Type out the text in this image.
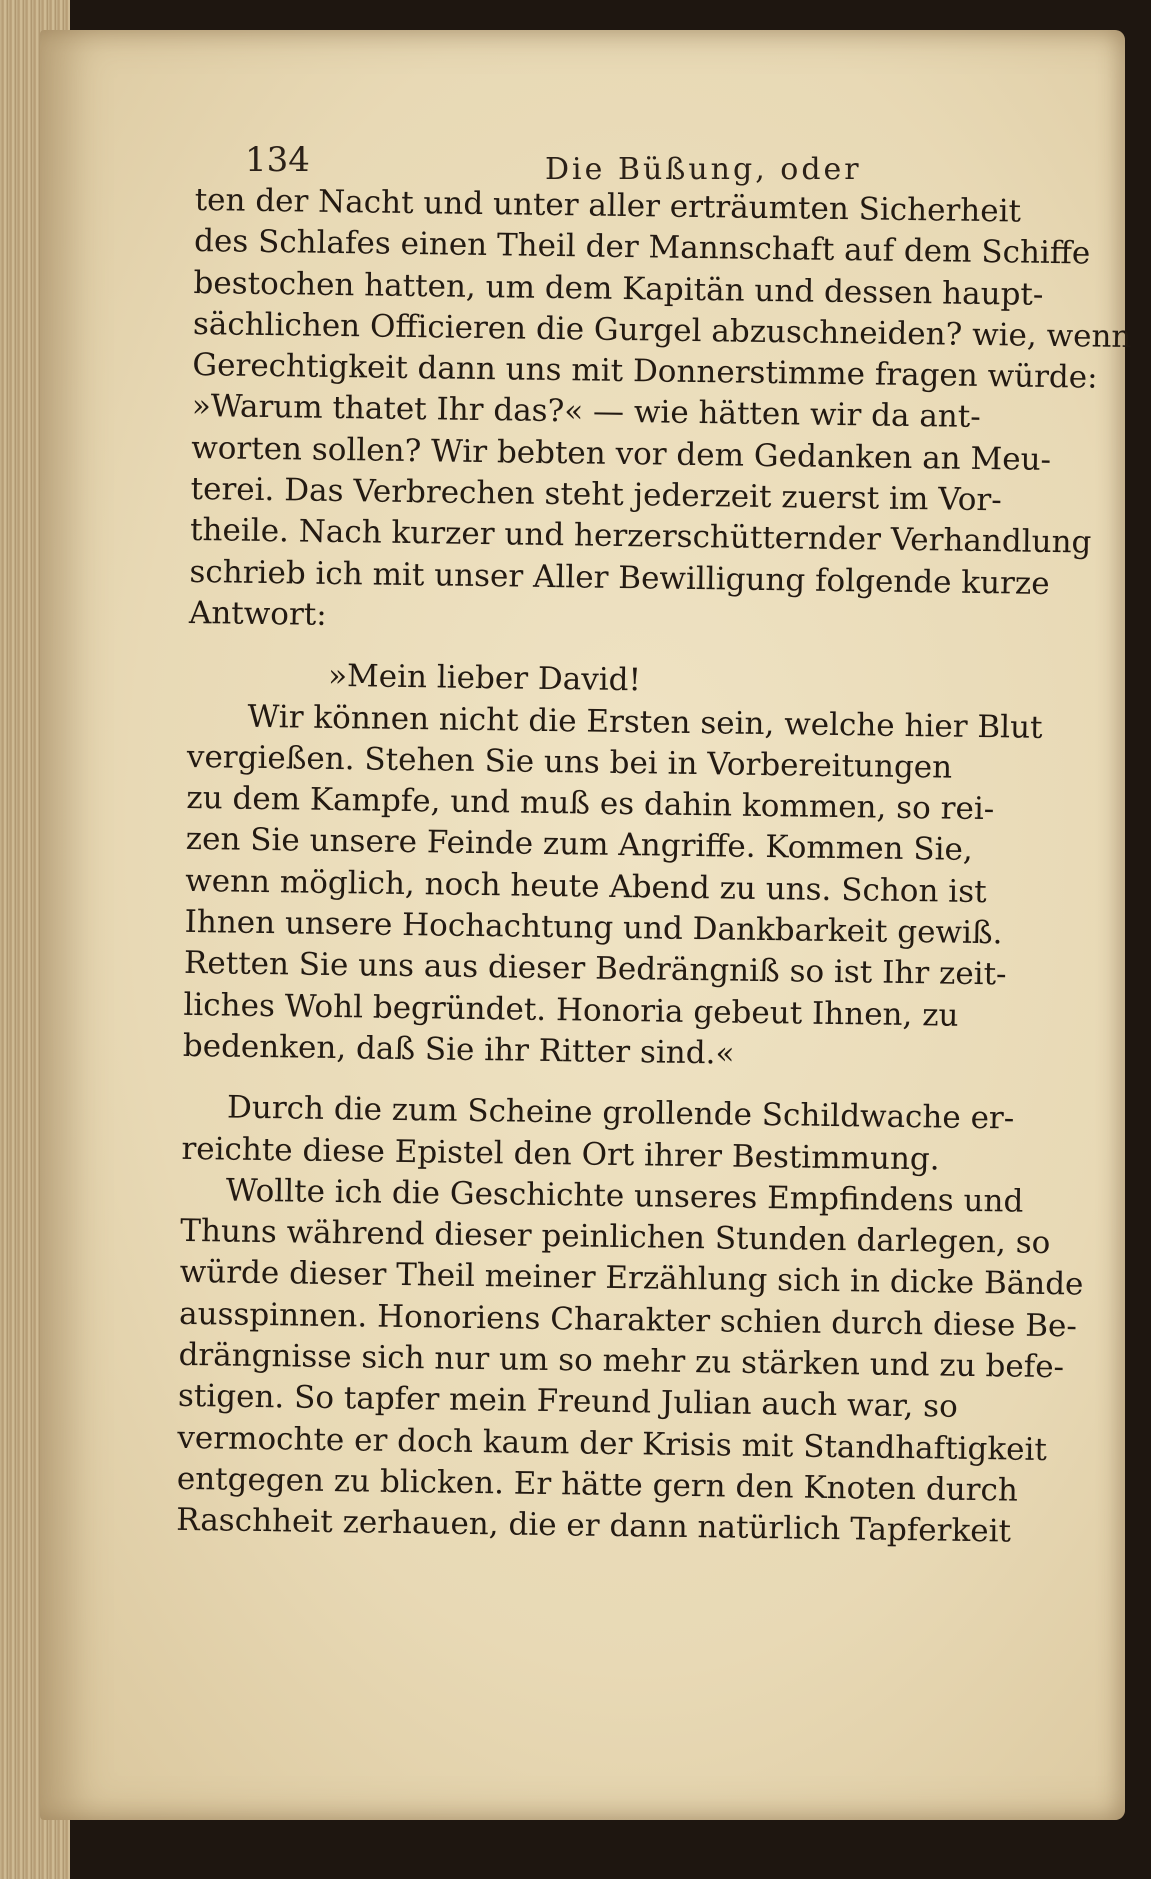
134	Die Büßung, oder
ten der Nacht und unter aller erträumten Sicherheit
des Schlafes einen Theil der Mannschaft auf dem Schiffe
bestochen hatten, um dem Kapitän und dessen haupt-
sächlichen Officieren die Gurgel abzuschneiden? wie, wenn
Gerechtigkeit dann uns mit Donnerstimme fragen würde:
»Warum thatet Ihr das?« — wie hätten wir da ant-
worten sollen? Wir bebten vor dem Gedanken an Meu-
terei. Das Verbrechen steht jederzeit zuerst im Vor-
theile. Nach kurzer und herzerschütternder Verhandlung
schrieb ich mit unser Aller Bewilligung folgende kurze
Antwort:
»Mein lieber David!
Wir können nicht die Ersten sein, welche hier Blut
vergießen. Stehen Sie uns bei in Vorbereitungen
zu dem Kampfe, und muß es dahin kommen, so rei-
zen Sie unsere Feinde zum Angriffe. Kommen Sie,
wenn möglich, noch heute Abend zu uns. Schon ist
Ihnen unsere Hochachtung und Dankbarkeit gewiß.
Retten Sie uns aus dieser Bedrängniß so ist Ihr zeit-
liches Wohl begründet. Honoria gebeut Ihnen, zu
bedenken, daß Sie ihr Ritter sind.«
Durch die zum Scheine grollende Schildwache er-
reichte diese Epistel den Ort ihrer Bestimmung.
Wollte ich die Geschichte unseres Empfindens und
Thuns während dieser peinlichen Stunden darlegen, so
würde dieser Theil meiner Erzählung sich in dicke Bände
ausspinnen. Honoriens Charakter schien durch diese Be-
drängnisse sich nur um so mehr zu stärken und zu befe-
stigen. So tapfer mein Freund Julian auch war, so
vermochte er doch kaum der Krisis mit Standhaftigkeit
entgegen zu blicken. Er hätte gern den Knoten durch
Raschheit zerhauen, die er dann natürlich Tapferkeit
